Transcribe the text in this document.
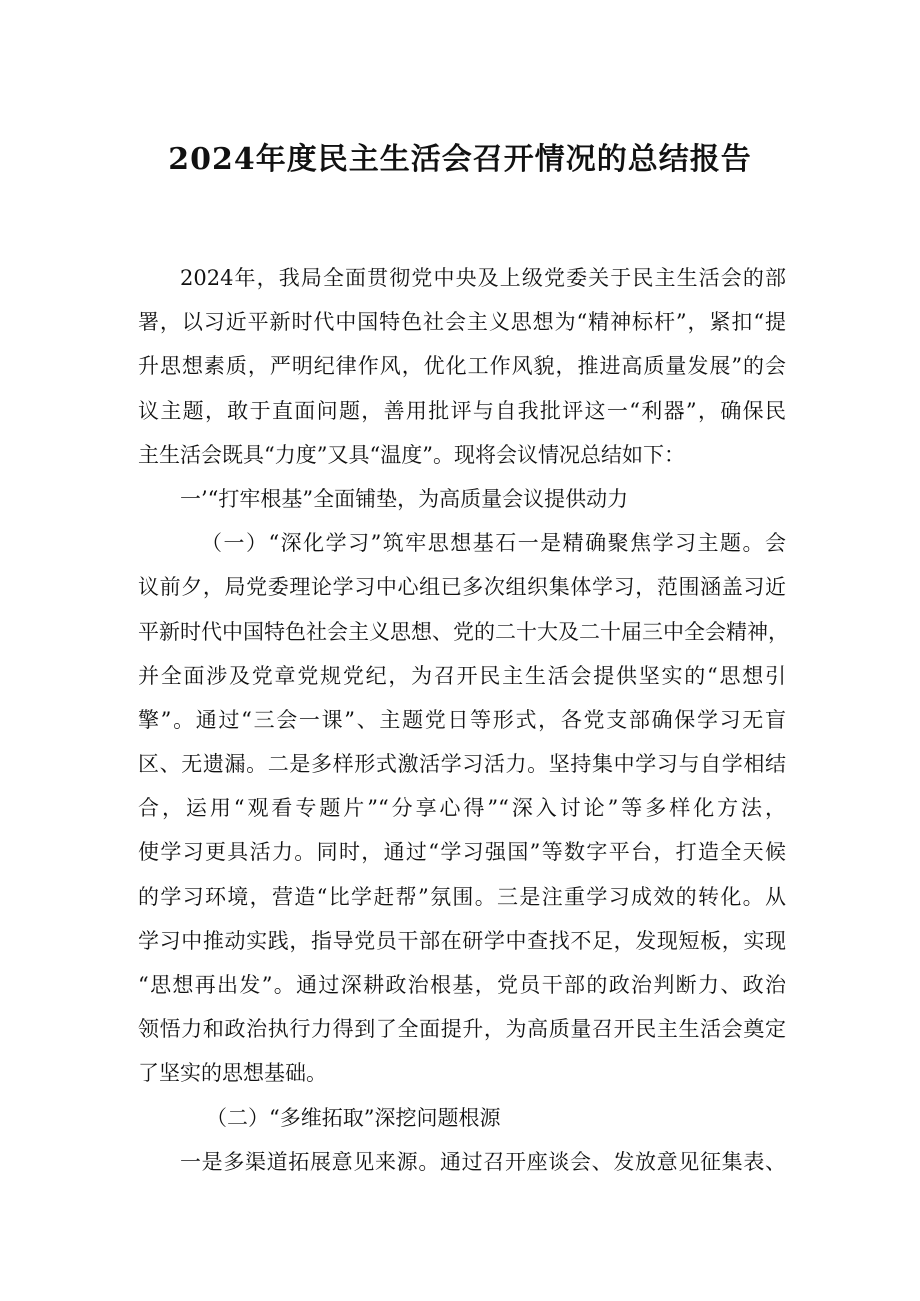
2024年度民主生活会召开情况的总结报告
2024年，我局全面贯彻党中央及上级党委关于民主生活会的部
署，以习近平新时代中国特色社会主义思想为“精神标杆”，紧扣“提
升思想素质，严明纪律作风，优化工作风貌，推进高质量发展”的会
议主题，敢于直面问题，善用批评与自我批评这一“利器”，确保民
主生活会既具“力度”又具“温度”。现将会议情况总结如下：
一’“打牢根基”全面铺垫，为高质量会议提供动力
（一）“深化学习”筑牢思想基石一是精确聚焦学习主题。会
议前夕，局党委理论学习中心组已多次组织集体学习，范围涵盖习近
平新时代中国特色社会主义思想、党的二十大及二十届三中全会精神，
并全面涉及党章党规党纪，为召开民主生活会提供坚实的“思想引
擎”。通过“三会一课”、主题党日等形式，各党支部确保学习无盲
区、无遗漏。二是多样形式激活学习活力。坚持集中学习与自学相结
合，运用“观看专题片”“分享心得”“深入讨论”等多样化方法，
使学习更具活力。同时，通过“学习强国”等数字平台，打造全天候
的学习环境，营造“比学赶帮”氛围。三是注重学习成效的转化。从
学习中推动实践，指导党员干部在研学中查找不足，发现短板，实现
“思想再出发”。通过深耕政治根基，党员干部的政治判断力、政治
领悟力和政治执行力得到了全面提升，为高质量召开民主生活会奠定
了坚实的思想基础。
（二）“多维拓取”深挖问题根源
一是多渠道拓展意见来源。通过召开座谈会、发放意见征集表、
